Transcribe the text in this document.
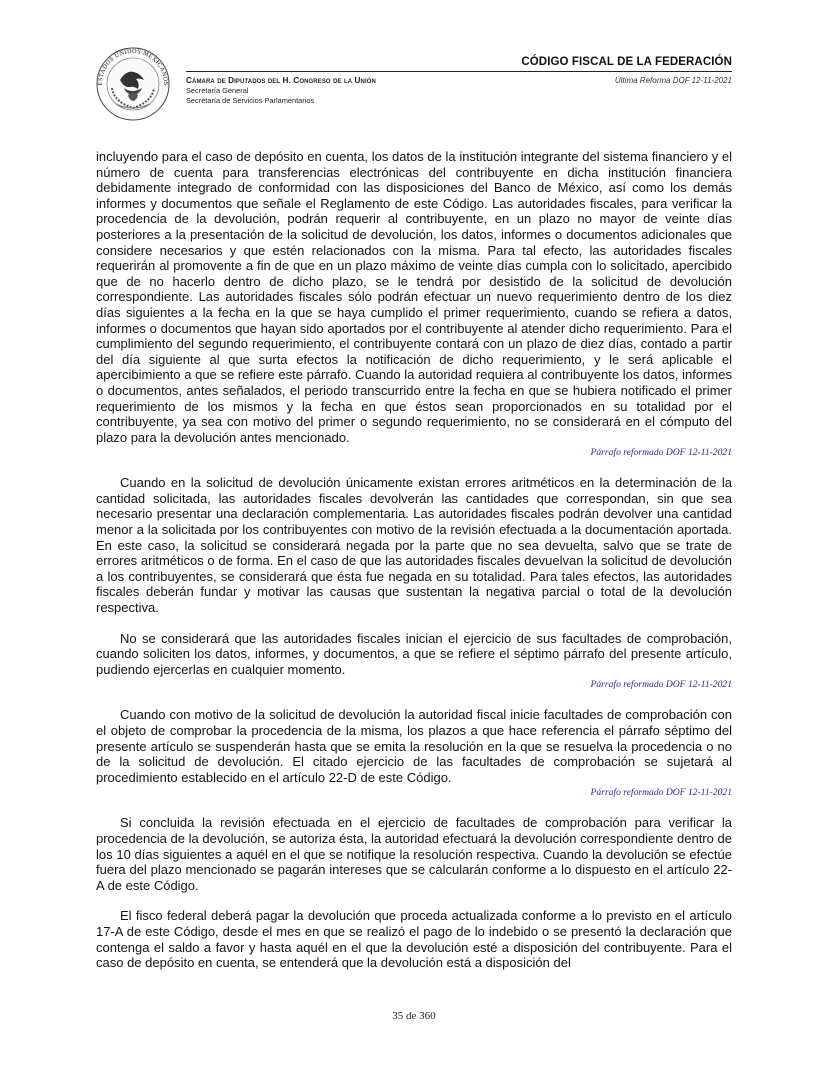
ESTADOS UNIDOS MEXICANOS
CÓDIGO FISCAL DE LA FEDERACIÓN
Cámara de Diputados del H. Congreso de la Unión
Secretaría General
Secretaría de Servicios Parlamentarios
Última Reforma DOF 12-11-2021

incluyendo para el caso de depósito en cuenta, los datos de la institución integrante del sistema financiero y el número de cuenta para transferencias electrónicas del contribuyente en dicha institución financiera debidamente integrado de conformidad con las disposiciones del Banco de México, así como los demás informes y documentos que señale el Reglamento de este Código. Las autoridades fiscales, para verificar la procedencia de la devolución, podrán requerir al contribuyente, en un plazo no mayor de veinte días posteriores a la presentación de la solicitud de devolución, los datos, informes o documentos adicionales que considere necesarios y que estén relacionados con la misma. Para tal efecto, las autoridades fiscales requerirán al promovente a fin de que en un plazo máximo de veinte días cumpla con lo solicitado, apercibido que de no hacerlo dentro de dicho plazo, se le tendrá por desistido de la solicitud de devolución correspondiente. Las autoridades fiscales sólo podrán efectuar un nuevo requerimiento dentro de los diez días siguientes a la fecha en la que se haya cumplido el primer requerimiento, cuando se refiera a datos, informes o documentos que hayan sido aportados por el contribuyente al atender dicho requerimiento. Para el cumplimiento del segundo requerimiento, el contribuyente contará con un plazo de diez días, contado a partir del día siguiente al que surta efectos la notificación de dicho requerimiento, y le será aplicable el apercibimiento a que se refiere este párrafo. Cuando la autoridad requiera al contribuyente los datos, informes o documentos, antes señalados, el periodo transcurrido entre la fecha en que se hubiera notificado el primer requerimiento de los mismos y la fecha en que éstos sean proporcionados en su totalidad por el contribuyente, ya sea con motivo del primer o segundo requerimiento, no se considerará en el cómputo del plazo para la devolución antes mencionado.

Párrafo reformado DOF 12-11-2021

Cuando en la solicitud de devolución únicamente existan errores aritméticos en la determinación de la cantidad solicitada, las autoridades fiscales devolverán las cantidades que correspondan, sin que sea necesario presentar una declaración complementaria. Las autoridades fiscales podrán devolver una cantidad menor a la solicitada por los contribuyentes con motivo de la revisión efectuada a la documentación aportada. En este caso, la solicitud se considerará negada por la parte que no sea devuelta, salvo que se trate de errores aritméticos o de forma. En el caso de que las autoridades fiscales devuelvan la solicitud de devolución a los contribuyentes, se considerará que ésta fue negada en su totalidad. Para tales efectos, las autoridades fiscales deberán fundar y motivar las causas que sustentan la negativa parcial o total de la devolución respectiva.

No se considerará que las autoridades fiscales inician el ejercicio de sus facultades de comprobación, cuando soliciten los datos, informes, y documentos, a que se refiere el séptimo párrafo del presente artículo, pudiendo ejercerlas en cualquier momento.

Párrafo reformado DOF 12-11-2021

Cuando con motivo de la solicitud de devolución la autoridad fiscal inicie facultades de comprobación con el objeto de comprobar la procedencia de la misma, los plazos a que hace referencia el párrafo séptimo del presente artículo se suspenderán hasta que se emita la resolución en la que se resuelva la procedencia o no de la solicitud de devolución. El citado ejercicio de las facultades de comprobación se sujetará al procedimiento establecido en el artículo 22-D de este Código.

Párrafo reformado DOF 12-11-2021

Si concluida la revisión efectuada en el ejercicio de facultades de comprobación para verificar la procedencia de la devolución, se autoriza ésta, la autoridad efectuará la devolución correspondiente dentro de los 10 días siguientes a aquél en el que se notifique la resolución respectiva. Cuando la devolución se efectúe fuera del plazo mencionado se pagarán intereses que se calcularán conforme a lo dispuesto en el artículo 22-A de este Código.

El fisco federal deberá pagar la devolución que proceda actualizada conforme a lo previsto en el artículo 17-A de este Código, desde el mes en que se realizó el pago de lo indebido o se presentó la declaración que contenga el saldo a favor y hasta aquél en el que la devolución esté a disposición del contribuyente. Para el caso de depósito en cuenta, se entenderá que la devolución está a disposición del

35 de 360
